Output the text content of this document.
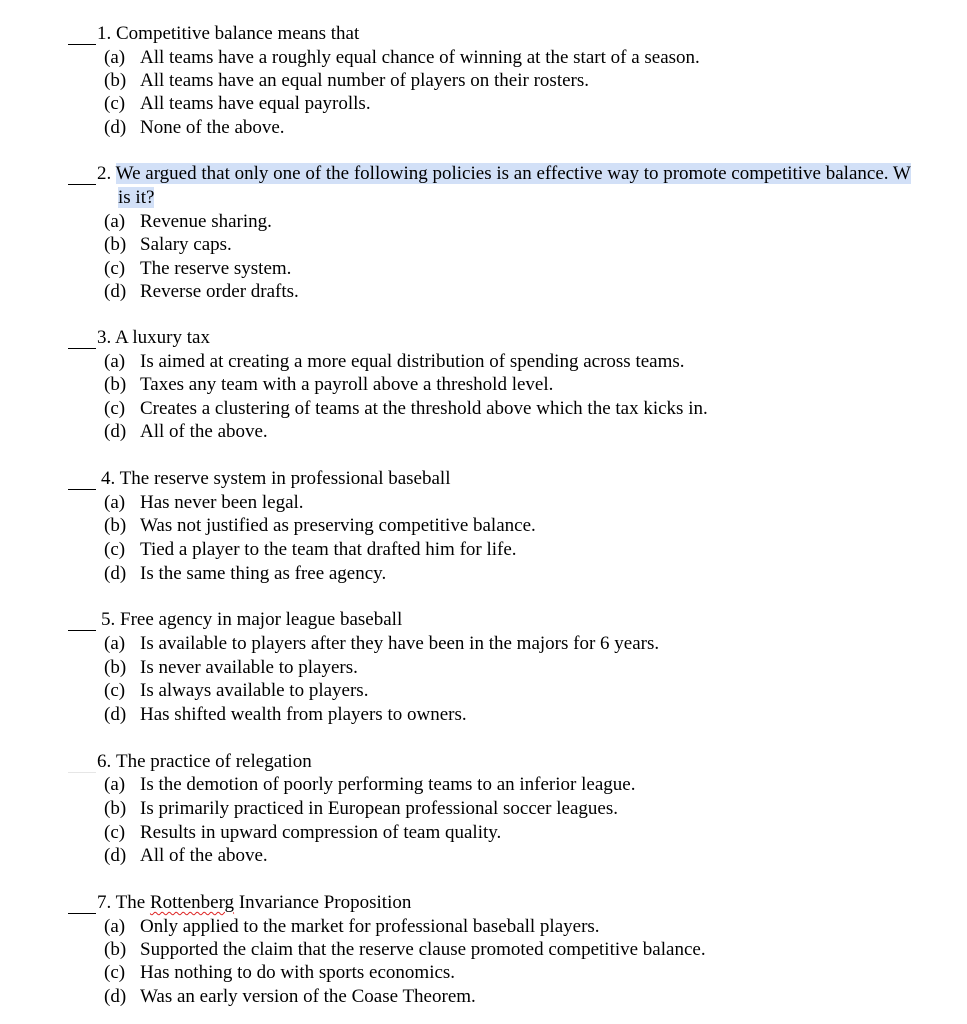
1. Competitive balance means that
(a) All teams have a roughly equal chance of winning at the start of a season.
(b) All teams have an equal number of players on their rosters.
(c) All teams have equal payrolls.
(d) None of the above.
2. We argued that only one of the following policies is an effective way to promote competitive balance. W
is it?
(a) Revenue sharing.
(b) Salary caps.
(c) The reserve system.
(d) Reverse order drafts.
3. A luxury tax
(a) Is aimed at creating a more equal distribution of spending across teams.
(b) Taxes any team with a payroll above a threshold level.
(c) Creates a clustering of teams at the threshold above which the tax kicks in.
(d) All of the above.
4. The reserve system in professional baseball
(a) Has never been legal.
(b) Was not justified as preserving competitive balance.
(c) Tied a player to the team that drafted him for life.
(d) Is the same thing as free agency.
5. Free agency in major league baseball
(a) Is available to players after they have been in the majors for 6 years.
(b) Is never available to players.
(c) Is always available to players.
(d) Has shifted wealth from players to owners.
6. The practice of relegation
(a) Is the demotion of poorly performing teams to an inferior league.
(b) Is primarily practiced in European professional soccer leagues.
(c) Results in upward compression of team quality.
(d) All of the above.
7. The Rottenberg Invariance Proposition
(a) Only applied to the market for professional baseball players.
(b) Supported the claim that the reserve clause promoted competitive balance.
(c) Has nothing to do with sports economics.
(d) Was an early version of the Coase Theorem.
